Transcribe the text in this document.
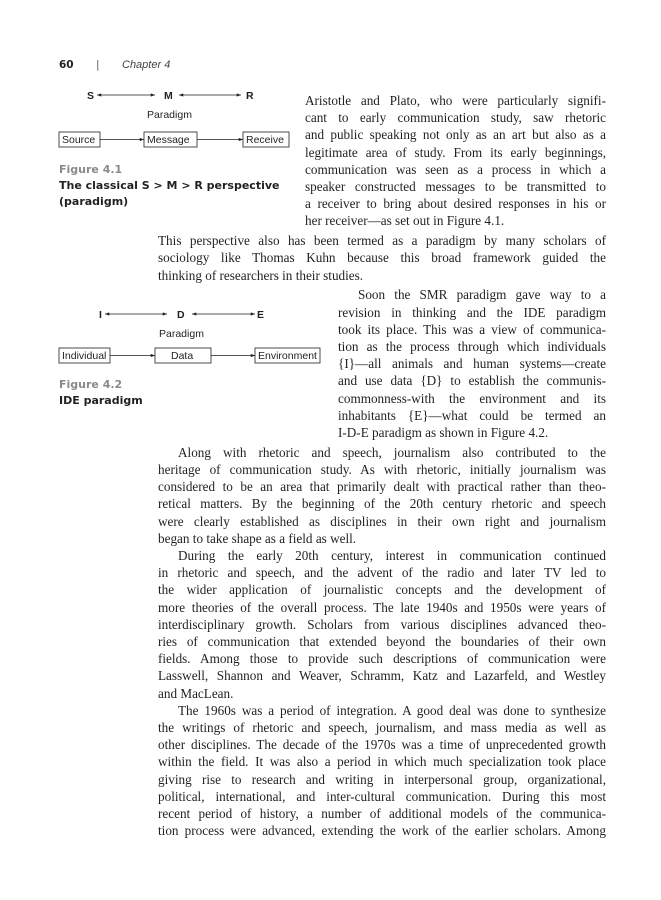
60 | Chapter 4
S	M	R
Paradigm
Source	Message	Receive
Figure 4.1
The classical S > M > R perspective
(paradigm)
I	D	E
Paradigm
Individual	Data	Environment
Figure 4.2
IDE paradigm
Aristotle and Plato, who were particularly signifi-
cant to early communication study, saw rhetoric
and public speaking not only as an art but also as a
legitimate area of study. From its early beginnings,
communication was seen as a process in which a
speaker constructed messages to be transmitted to
a receiver to bring about desired responses in his or
her receiver—as set out in Figure 4.1.
This perspective also has been termed as a paradigm by many scholars of
sociology like Thomas Kuhn because this broad framework guided the
thinking of researchers in their studies.
Soon the SMR paradigm gave way to a
revision in thinking and the IDE paradigm
took its place. This was a view of communica-
tion as the process through which individuals
{I}—all animals and human systems—create
and use data {D} to establish the communis-
commonness-with the environment and its
inhabitants {E}—what could be termed an
I-D-E paradigm as shown in Figure 4.2.
Along with rhetoric and speech, journalism also contributed to the
heritage of communication study. As with rhetoric, initially journalism was
considered to be an area that primarily dealt with practical rather than theo-
retical matters. By the beginning of the 20th century rhetoric and speech
were clearly established as disciplines in their own right and journalism
began to take shape as a field as well.
During the early 20th century, interest in communication continued
in rhetoric and speech, and the advent of the radio and later TV led to
the wider application of journalistic concepts and the development of
more theories of the overall process. The late 1940s and 1950s were years of
interdisciplinary growth. Scholars from various disciplines advanced theo-
ries of communication that extended beyond the boundaries of their own
fields. Among those to provide such descriptions of communication were
Lasswell, Shannon and Weaver, Schramm, Katz and Lazarfeld, and Westley
and MacLean.
The 1960s was a period of integration. A good deal was done to synthesize
the writings of rhetoric and speech, journalism, and mass media as well as
other disciplines. The decade of the 1970s was a time of unprecedented growth
within the field. It was also a period in which much specialization took place
giving rise to research and writing in interpersonal group, organizational,
political, international, and inter-cultural communication. During this most
recent period of history, a number of additional models of the communica-
tion process were advanced, extending the work of the earlier scholars. Among
